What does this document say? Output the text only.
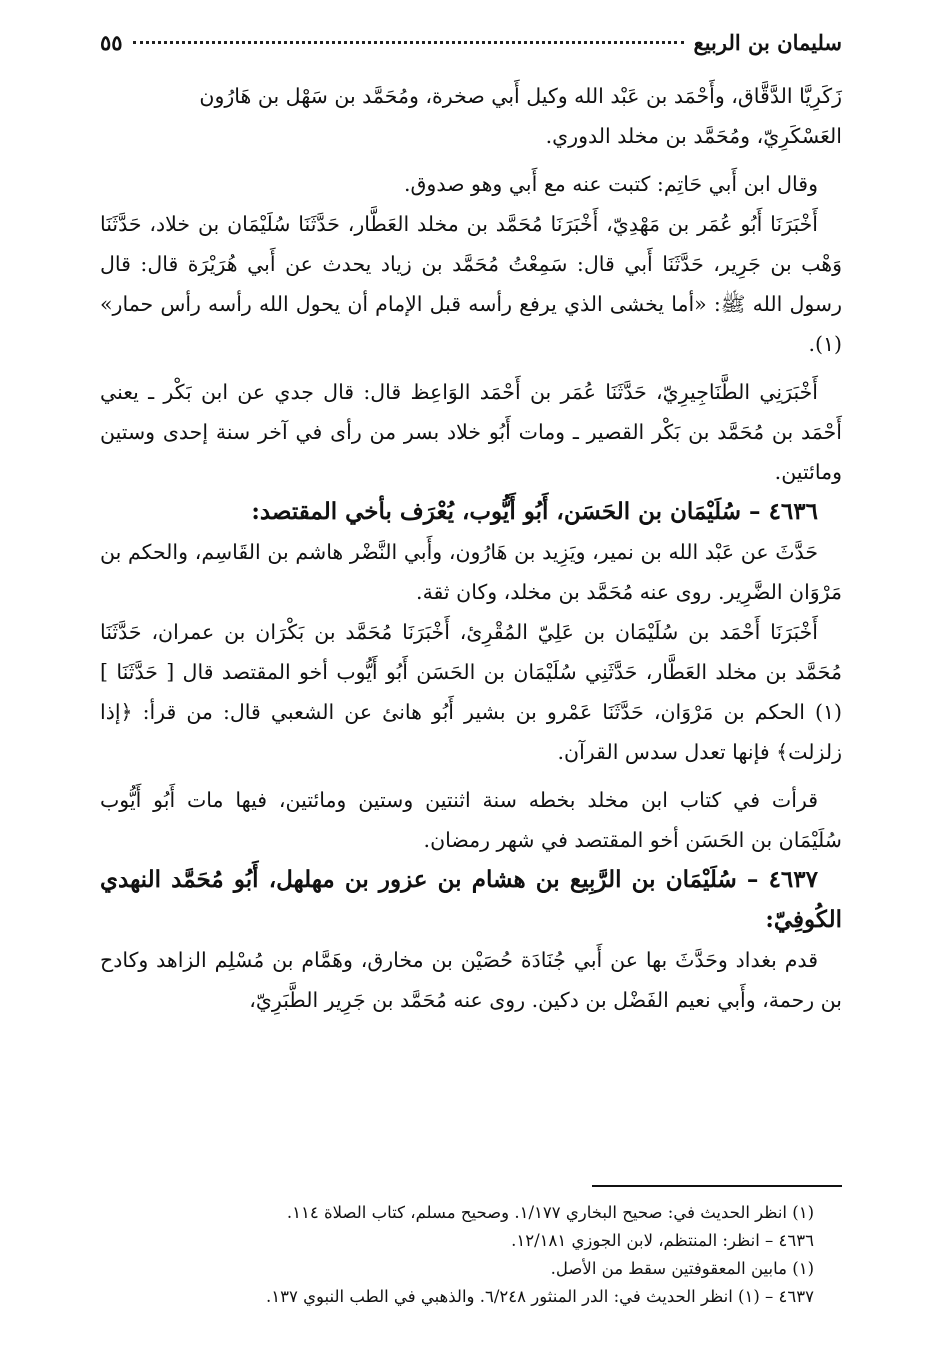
سليمان بن الربيع
٥٥

زَكَرِيَّا الدَّقَّاق، وأَحْمَد بن عَبْد الله وكيل أَبي صخرة، ومُحَمَّد بن سَهْل بن هَارُون

العَسْكَرِيّ، ومُحَمَّد بن مخلد الدوري.

وقال ابن أَبي حَاتِم: كتبت عنه مع أَبي وهو صدوق.

أَخْبَرَنَا أَبُو عُمَر بن مَهْدِيّ، أَخْبَرَنَا مُحَمَّد بن مخلد العَطَّار، حَدَّثَنَا سُلَيْمَان بن خلاد، حَدَّثَنَا وَهْب بن جَرِير، حَدَّثَنَا أَبي قال: سَمِعْتُ مُحَمَّد بن زياد يحدث عن أَبي هُرَيْرَة قال: قال رسول الله ﷺ: «أما يخشى الذي يرفع رأسه قبل الإمام أن يحول الله رأسه رأس حمار» (١).

أَخْبَرَنِي الطَّنَاجِيرِيّ، حَدَّثَنَا عُمَر بن أَحْمَد الوَاعِظ قال: قال جدي عن ابن بَكْر ـ يعني أَحْمَد بن مُحَمَّد بن بَكْر القصير ـ ومات أَبُو خلاد بسر من رأى في آخر سنة إحدى وستين ومائتين.

٤٦٣٦ – سُلَيْمَان بن الحَسَن، أَبُو أَيُّوب، يُعْرَف بأخي المقتصد:

حَدَّثَ عن عَبْد الله بن نمير، ويَزِيد بن هَارُون، وأَبي النَّضْر هاشم بن القَاسِم، والحكم بن مَرْوَان الضَّرِير. روى عنه مُحَمَّد بن مخلد، وكان ثقة.

أَخْبَرَنَا أَحْمَد بن سُلَيْمَان بن عَلِيّ المُقْرِئ، أَخْبَرَنَا مُحَمَّد بن بَكْرَان بن عمران، حَدَّثَنَا مُحَمَّد بن مخلد العَطَّار، حَدَّثَنِي سُلَيْمَان بن الحَسَن أَبُو أَيُّوب أخو المقتصد قال [ حَدَّثَنَا ] (١) الحكم بن مَرْوَان، حَدَّثَنَا عَمْرو بن بشير أَبُو هانئ عن الشعبي قال: من قرأ: ﴿إذا زلزلت﴾ فإنها تعدل سدس القرآن.

قرأت في كتاب ابن مخلد بخطه سنة اثنتين وستين ومائتين، فيها مات أَبُو أَيُّوب سُلَيْمَان بن الحَسَن أخو المقتصد في شهر رمضان.

٤٦٣٧ – سُلَيْمَان بن الرَّبِيع بن هشام بن عزور بن مهلهل، أَبُو مُحَمَّد النهدي الكُوفِيّ:

قدم بغداد وحَدَّثَ بها عن أَبي جُنَادَة حُصَيْن بن مخارق، وهَمَّام بن مُسْلِم الزاهد وكادح بن رحمة، وأَبي نعيم الفَضْل بن دكين. روى عنه مُحَمَّد بن جَرِير الطَّبَرِيّ،

(١) انظر الحديث في: صحيح البخاري ١/١٧٧. وصحيح مسلم، كتاب الصلاة ١١٤.

٤٦٣٦ – انظر: المنتظم، لابن الجوزي ١٢/١٨١.

(١) مابين المعقوفتين سقط من الأصل.

٤٦٣٧ – (١) انظر الحديث في: الدر المنثور ٦/٢٤٨. والذهبي في الطب النبوي ١٣٧.
